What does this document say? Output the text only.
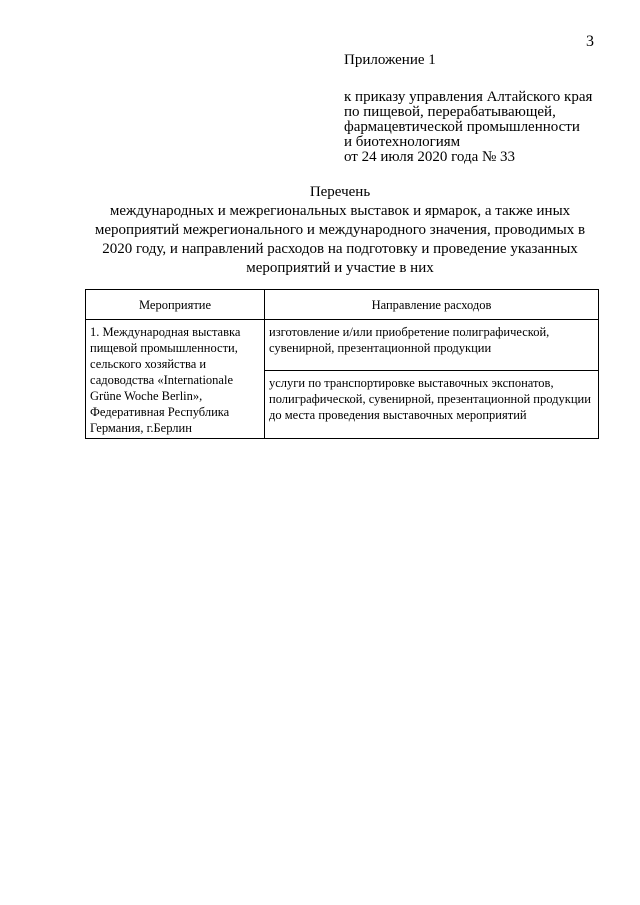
3
Приложение 1
к приказу управления Алтайского края
по пищевой, перерабатывающей,
фармацевтической промышленности
и биотехнологиям
от 24 июля 2020 года № 33
Перечень
международных и межрегиональных выставок и ярмарок, а также иных мероприятий межрегионального и международного значения, проводимых в 2020 году, и направлений расходов на подготовку и проведение указанных мероприятий и участие в них
Мероприятие	Направление расходов
1. Международная выставка пищевой промышленности, сельского хозяйства и садоводства «Internationale Grüne Woche Berlin», Федеративная Республика Германия, г.Берлин	изготовление и/или приобретение полиграфической, сувенирной, презентационной продукции
	услуги по транспортировке выставочных экспонатов, полиграфической, сувенирной, презентационной продукции до места проведения выставочных мероприятий
